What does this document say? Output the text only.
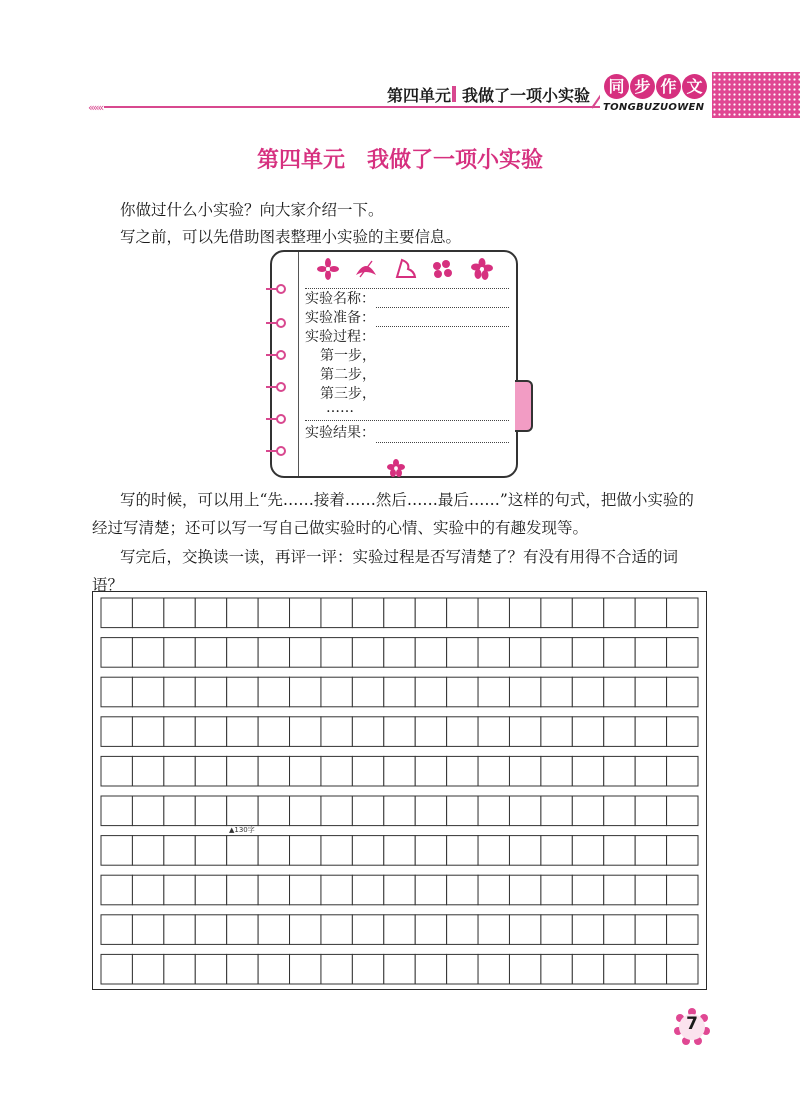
«««
第四单元 我做了一项小实验 同 步 作 文
TONGBUZUOWEN
第四单元 我做了一项小实验
你做过什么小实验？向大家介绍一下。
写之前，可以先借助图表整理小实验的主要信息。
实验名称：
实验准备：
实验过程：
第一步，
第二步，
第三步，
……
实验结果：
写的时候，可以用上“先……接着……然后……最后……”这样的句式，把做小实验的经过写清楚；还可以写一写自己做实验时的心情、实验中的有趣发现等。
写完后，交换读一读，再评一评：实验过程是否写清楚了？有没有用得不合适的词语？
▲130字
7
